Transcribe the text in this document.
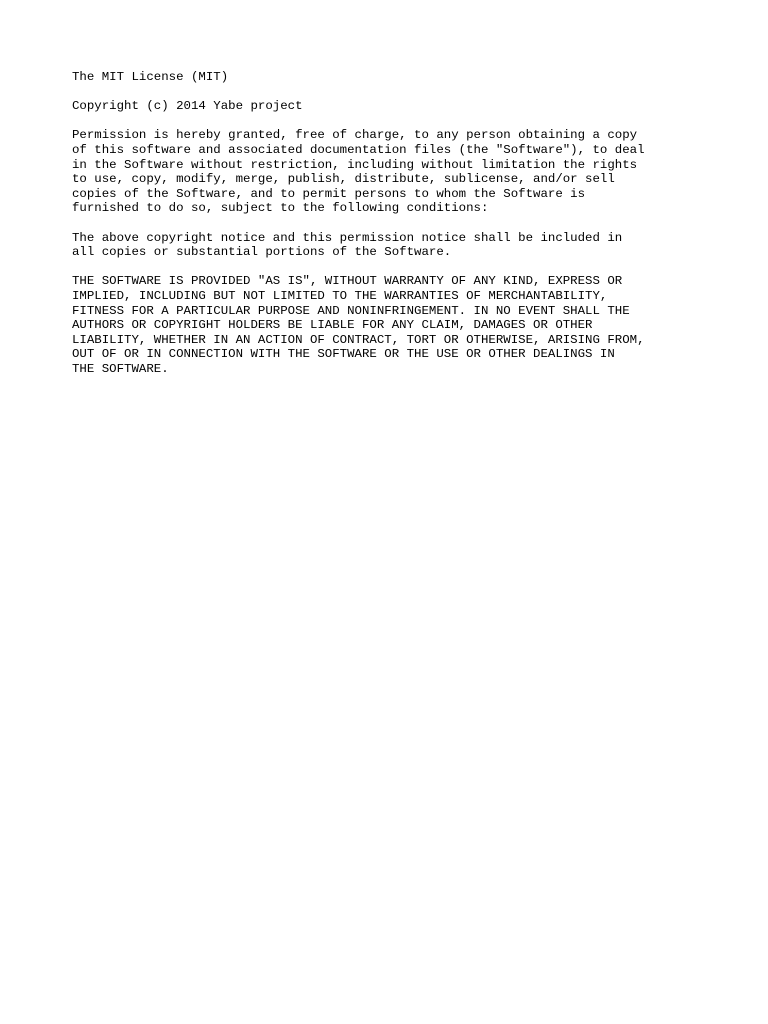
The MIT License (MIT)

Copyright (c) 2014 Yabe project

Permission is hereby granted, free of charge, to any person obtaining a copy
of this software and associated documentation files (the "Software"), to deal
in the Software without restriction, including without limitation the rights
to use, copy, modify, merge, publish, distribute, sublicense, and/or sell
copies of the Software, and to permit persons to whom the Software is
furnished to do so, subject to the following conditions:

The above copyright notice and this permission notice shall be included in
all copies or substantial portions of the Software.

THE SOFTWARE IS PROVIDED "AS IS", WITHOUT WARRANTY OF ANY KIND, EXPRESS OR
IMPLIED, INCLUDING BUT NOT LIMITED TO THE WARRANTIES OF MERCHANTABILITY,
FITNESS FOR A PARTICULAR PURPOSE AND NONINFRINGEMENT. IN NO EVENT SHALL THE
AUTHORS OR COPYRIGHT HOLDERS BE LIABLE FOR ANY CLAIM, DAMAGES OR OTHER
LIABILITY, WHETHER IN AN ACTION OF CONTRACT, TORT OR OTHERWISE, ARISING FROM,
OUT OF OR IN CONNECTION WITH THE SOFTWARE OR THE USE OR OTHER DEALINGS IN
THE SOFTWARE.
